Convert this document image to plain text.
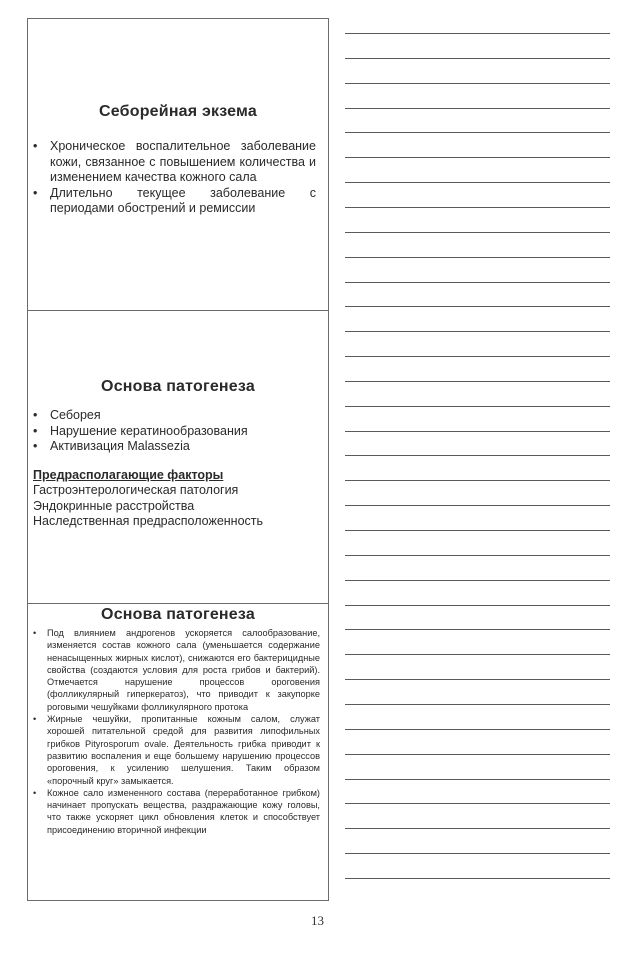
Себорейная экзема
• Хроническое воспалительное заболевание кожи, связанное с повышением количества и изменением качества кожного сала
• Длительно текущее заболевание с периодами обострений и ремиссии
Основа патогенеза
• Себорея
• Нарушение кератинообразования
• Активизация Malassezia
Предрасполагающие факторы
Гастроэнтерологическая патология
Эндокринные расстройства
Наследственная предрасположенность
Основа патогенеза
• Под влиянием андрогенов ускоряется салообразование, изменяется состав кожного сала (уменьшается содержание ненасыщенных жирных кислот), снижаются его бактерицидные свойства (создаются условия для роста грибов и бактерий). Отмечается нарушение процессов ороговения (фолликулярный гиперкератоз), что приводит к закупорке роговыми чешуйками фолликулярного протока
• Жирные чешуйки, пропитанные кожным салом, служат хорошей питательной средой для развития липофильных грибков Pityrosporum ovale. Деятельность грибка приводит к развитию воспаления и еще большему нарушению процессов ороговения, к усилению шелушения. Таким образом «порочный круг» замыкается.
• Кожное сало измененного состава (переработанное грибком) начинает пропускать вещества, раздражающие кожу головы, что также ускоряет цикл обновления клеток и способствует присоединению вторичной инфекции
13
